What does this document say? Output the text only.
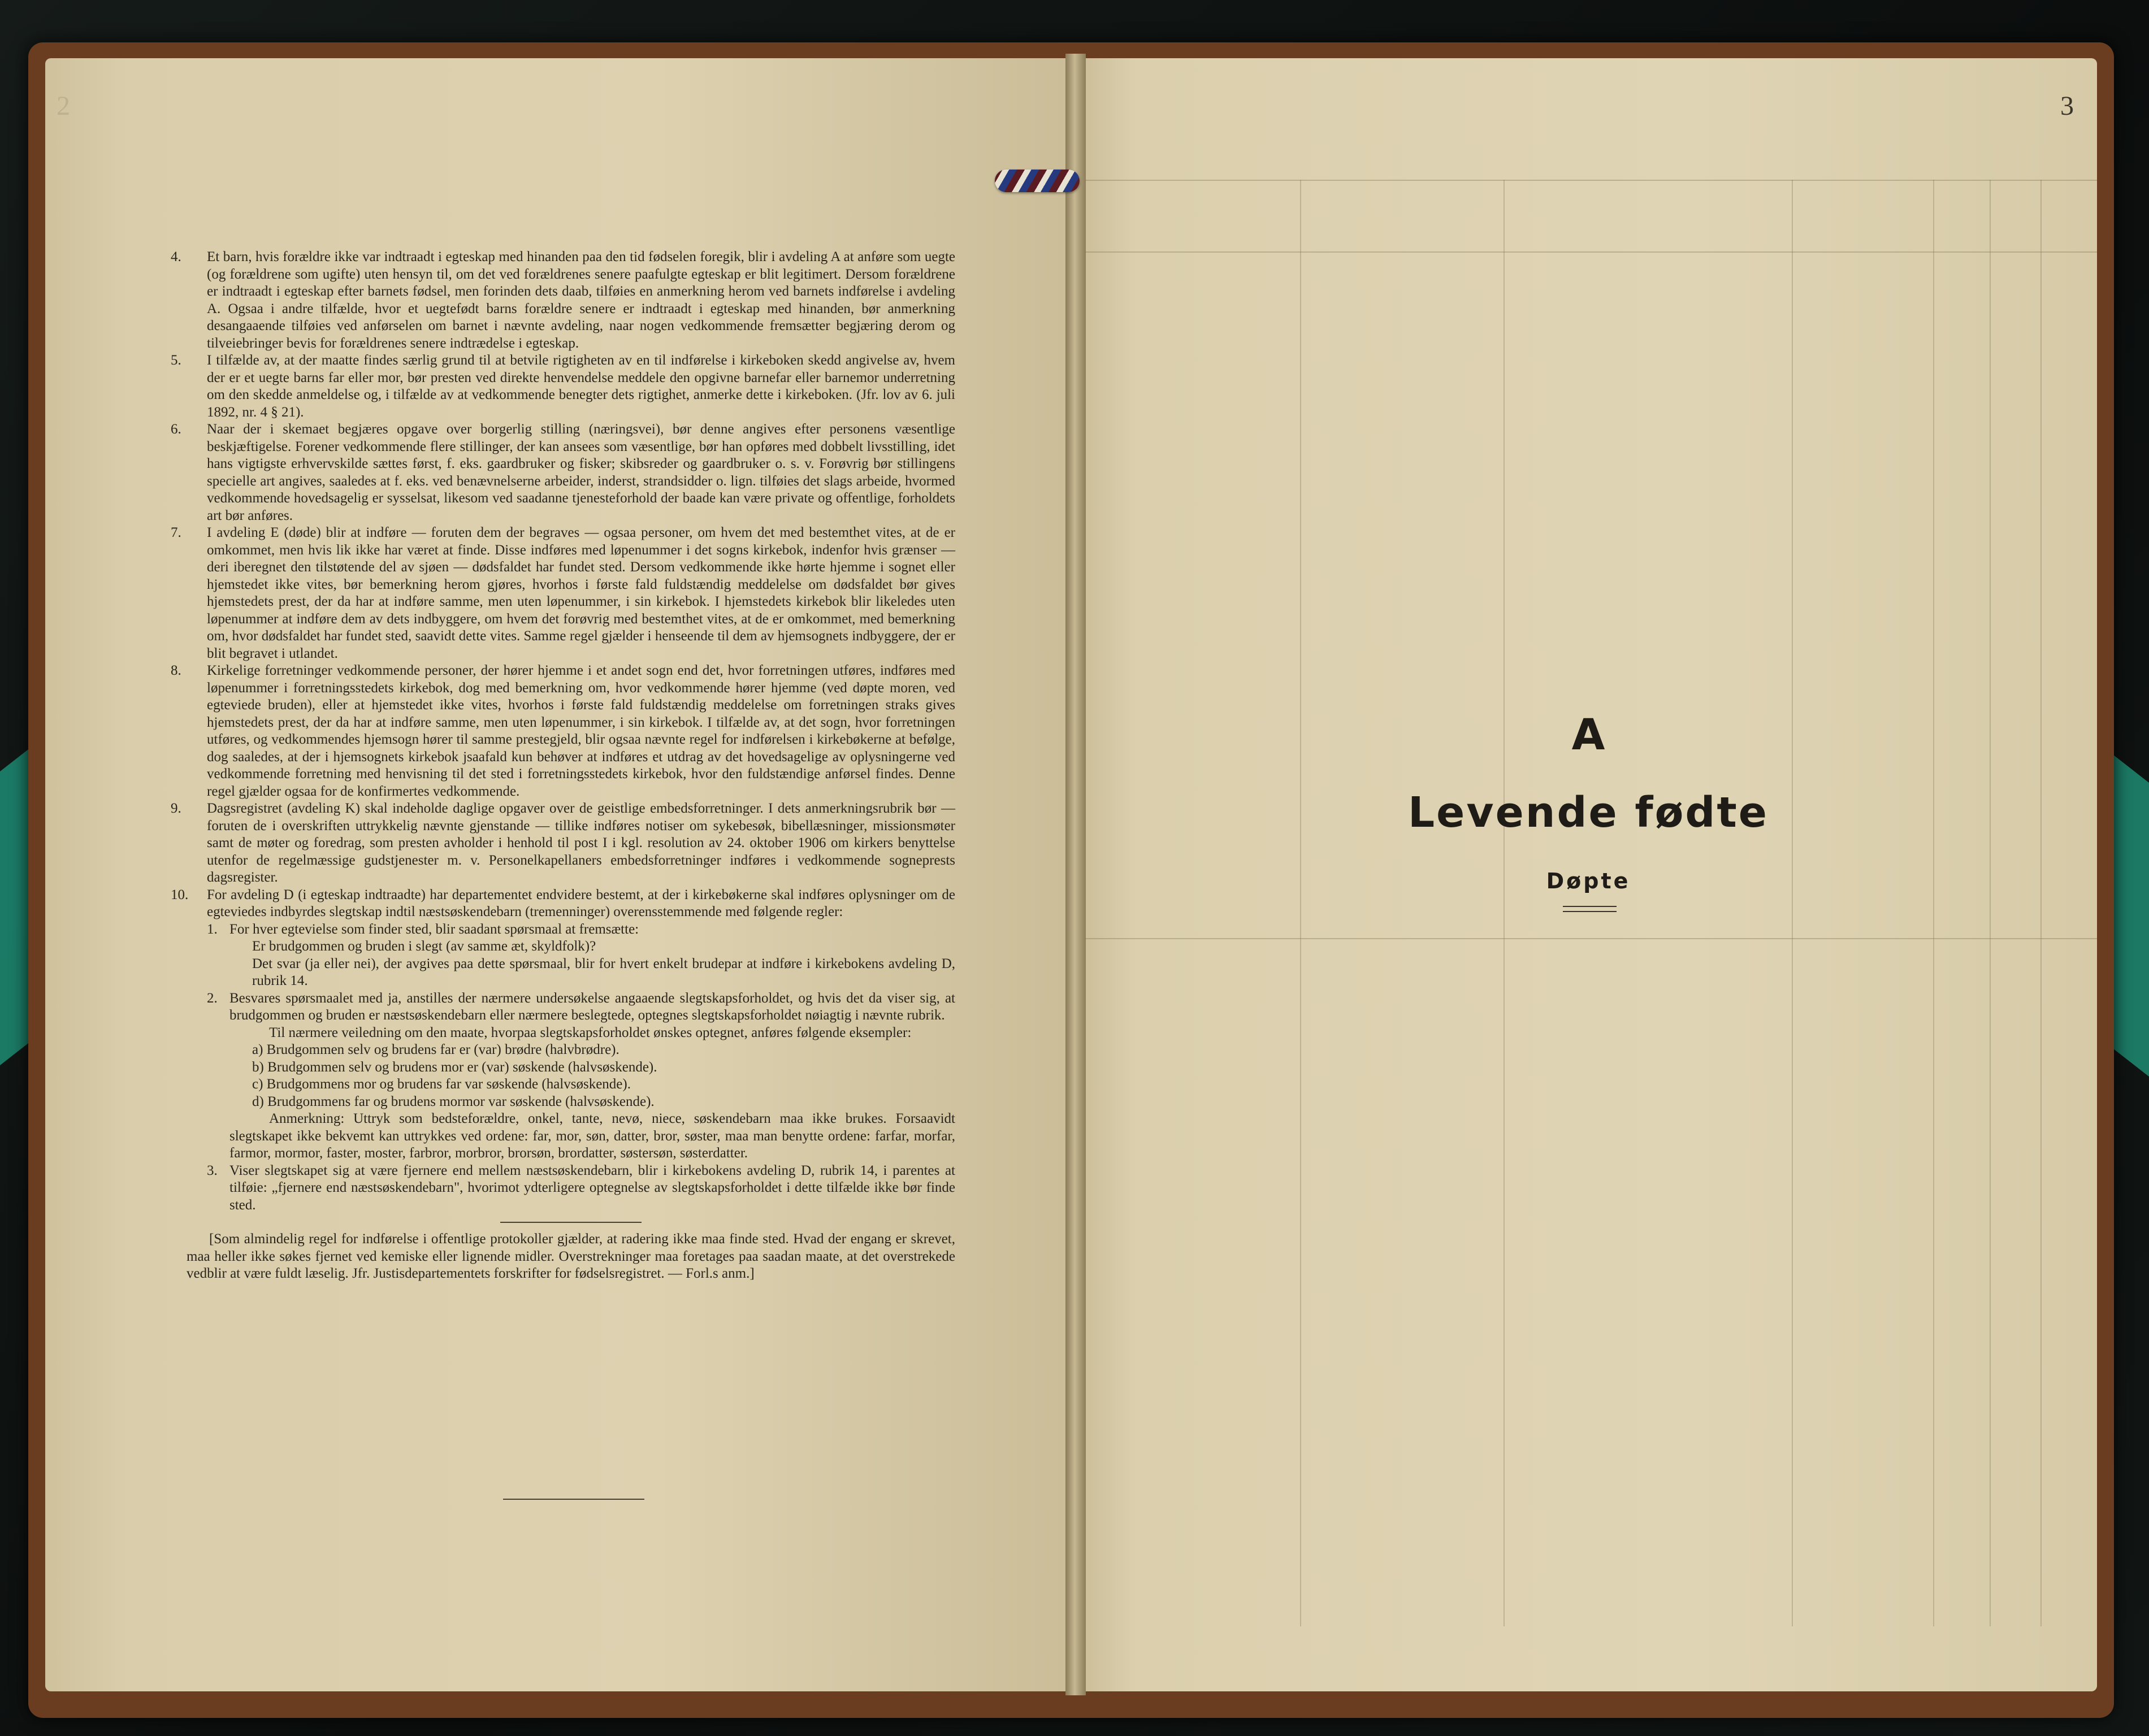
2	3

4. Et barn, hvis forældre ikke var indtraadt i egteskap med hinanden paa den tid fødselen foregik, blir i avdeling A at anføre som uegte (og forældrene som ugifte) uten hensyn til, om det ved forældrenes senere paafulgte egteskap er blit legitimert. Dersom forældrene er indtraadt i egteskap efter barnets fødsel, men forinden dets daab, tilføies en anmerkning herom ved barnets indførelse i avdeling A. Ogsaa i andre tilfælde, hvor et uegtefødt barns forældre senere er indtraadt i egteskap med hinanden, bør anmerkning desangaaende tilføies ved anførselen om barnet i nævnte avdeling, naar nogen vedkommende fremsætter begjæring derom og tilveiebringer bevis for forældrenes senere indtrædelse i egteskap.

5. I tilfælde av, at der maatte findes særlig grund til at betvile rigtigheten av en til indførelse i kirkeboken skedd angivelse av, hvem der er et uegte barns far eller mor, bør presten ved direkte henvendelse meddele den opgivne barnefar eller barnemor underretning om den skedde anmeldelse og, i tilfælde av at vedkommende benegter dets rigtighet, anmerke dette i kirkeboken. (Jfr. lov av 6. juli 1892, nr. 4 § 21).

6. Naar der i skemaet begjæres opgave over borgerlig stilling (næringsvei), bør denne angives efter personens væsentlige beskjæftigelse. Forener vedkommende flere stillinger, der kan ansees som væsentlige, bør han opføres med dobbelt livsstilling, idet hans vigtigste erhvervskilde sættes først, f. eks. gaardbruker og fisker; skibsreder og gaardbruker o. s. v. Forøvrig bør stillingens specielle art angives, saaledes at f. eks. ved benævnelserne arbeider, inderst, strandsidder o. lign. tilføies det slags arbeide, hvormed vedkommende hovedsagelig er sysselsat, likesom ved saadanne tjenesteforhold der baade kan være private og offentlige, forholdets art bør anføres.

7. I avdeling E (døde) blir at indføre — foruten dem der begraves — ogsaa personer, om hvem det med bestemthet vites, at de er omkommet, men hvis lik ikke har været at finde. Disse indføres med løpenummer i det sogns kirkebok, indenfor hvis grænser — deri iberegnet den tilstøtende del av sjøen — dødsfaldet har fundet sted. Dersom vedkommende ikke hørte hjemme i sognet eller hjemstedet ikke vites, bør bemerkning herom gjøres, hvorhos i første fald fuldstændig meddelelse om dødsfaldet bør gives hjemstedets prest, der da har at indføre samme, men uten løpenummer, i sin kirkebok. I hjemstedets kirkebok blir likeledes uten løpenummer at indføre dem av dets indbyggere, om hvem det forøvrig med bestemthet vites, at de er omkommet, med bemerkning om, hvor dødsfaldet har fundet sted, saavidt dette vites. Samme regel gjælder i henseende til dem av hjemsognets indbyggere, der er blit begravet i utlandet.

8. Kirkelige forretninger vedkommende personer, der hører hjemme i et andet sogn end det, hvor forretningen utføres, indføres med løpenummer i forretningsstedets kirkebok, dog med bemerkning om, hvor vedkommende hører hjemme (ved døpte moren, ved egteviede bruden), eller at hjemstedet ikke vites, hvorhos i første fald fuldstændig meddelelse om forretningen straks gives hjemstedets prest, der da har at indføre samme, men uten løpenummer, i sin kirkebok. I tilfælde av, at det sogn, hvor forretningen utføres, og vedkommendes hjemsogn hører til samme prestegjeld, blir ogsaa nævnte regel for indførelsen i kirkebøkerne at befølge, dog saaledes, at der i hjemsognets kirkebok jsaafald kun behøver at indføres et utdrag av det hovedsagelige av oplysningerne ved vedkommende forretning med henvisning til det sted i forretningsstedets kirkebok, hvor den fuldstændige anførsel findes. Denne regel gjælder ogsaa for de konfirmertes vedkommende.

9. Dagsregistret (avdeling K) skal indeholde daglige opgaver over de geistlige embedsforretninger. I dets anmerkningsrubrik bør — foruten de i overskriften uttrykkelig nævnte gjenstande — tillike indføres notiser om sykebesøk, bibellæsninger, missionsmøter samt de møter og foredrag, som presten avholder i henhold til post I i kgl. resolution av 24. oktober 1906 om kirkers benyttelse utenfor de regelmæssige gudstjenester m. v. Personelkapellaners embedsforretninger indføres i vedkommende sogneprests dagsregister.

10. For avdeling D (i egteskap indtraadte) har departementet endvidere bestemt, at der i kirkebøkerne skal indføres oplysninger om de egteviedes indbyrdes slegtskap indtil næstsøskendebarn (tremenninger) overensstemmende med følgende regler:

1. For hver egtevielse som finder sted, blir saadant spørsmaal at fremsætte:

Er brudgommen og bruden i slegt (av samme æt, skyldfolk)?

Det svar (ja eller nei), der avgives paa dette spørsmaal, blir for hvert enkelt brudepar at indføre i kirkebokens avdeling D, rubrik 14.

2. Besvares spørsmaalet med ja, anstilles der nærmere undersøkelse angaaende slegtskapsforholdet, og hvis det da viser sig, at brudgommen og bruden er næstsøskendebarn eller nærmere beslegtede, optegnes slegtskapsforholdet nøiagtig i nævnte rubrik.

Til nærmere veiledning om den maate, hvorpaa slegtskapsforholdet ønskes optegnet, anføres følgende eksempler:

a) Brudgommen selv og brudens far er (var) brødre (halvbrødre).

b) Brudgommen selv og brudens mor er (var) søskende (halvsøskende).

c) Brudgommens mor og brudens far var søskende (halvsøskende).

d) Brudgommens far og brudens mormor var søskende (halvsøskende).

Anmerkning: Uttryk som bedsteforældre, onkel, tante, nevø, niece, søskendebarn maa ikke brukes. Forsaavidt slegtskapet ikke bekvemt kan uttrykkes ved ordene: far, mor, søn, datter, bror, søster, maa man benytte ordene: farfar, morfar, farmor, mormor, faster, moster, farbror, morbror, brorsøn, brordatter, søstersøn, søsterdatter.

3. Viser slegtskapet sig at være fjernere end mellem næstsøskendebarn, blir i kirkebokens avdeling D, rubrik 14, i parentes at tilføie: „fjernere end næstsøskendebarn", hvorimot ydterligere optegnelse av slegtskapsforholdet i dette tilfælde ikke bør finde sted.

[Som almindelig regel for indførelse i offentlige protokoller gjælder, at radering ikke maa finde sted. Hvad der engang er skrevet, maa heller ikke søkes fjernet ved kemiske eller lignende midler. Overstrekninger maa foretages paa saadan maate, at det overstrekede vedblir at være fuldt læselig. Jfr. Justisdepartementets forskrifter for fødselsregistret. — Forl.s anm.]

A
Levende fødte
Døpte
